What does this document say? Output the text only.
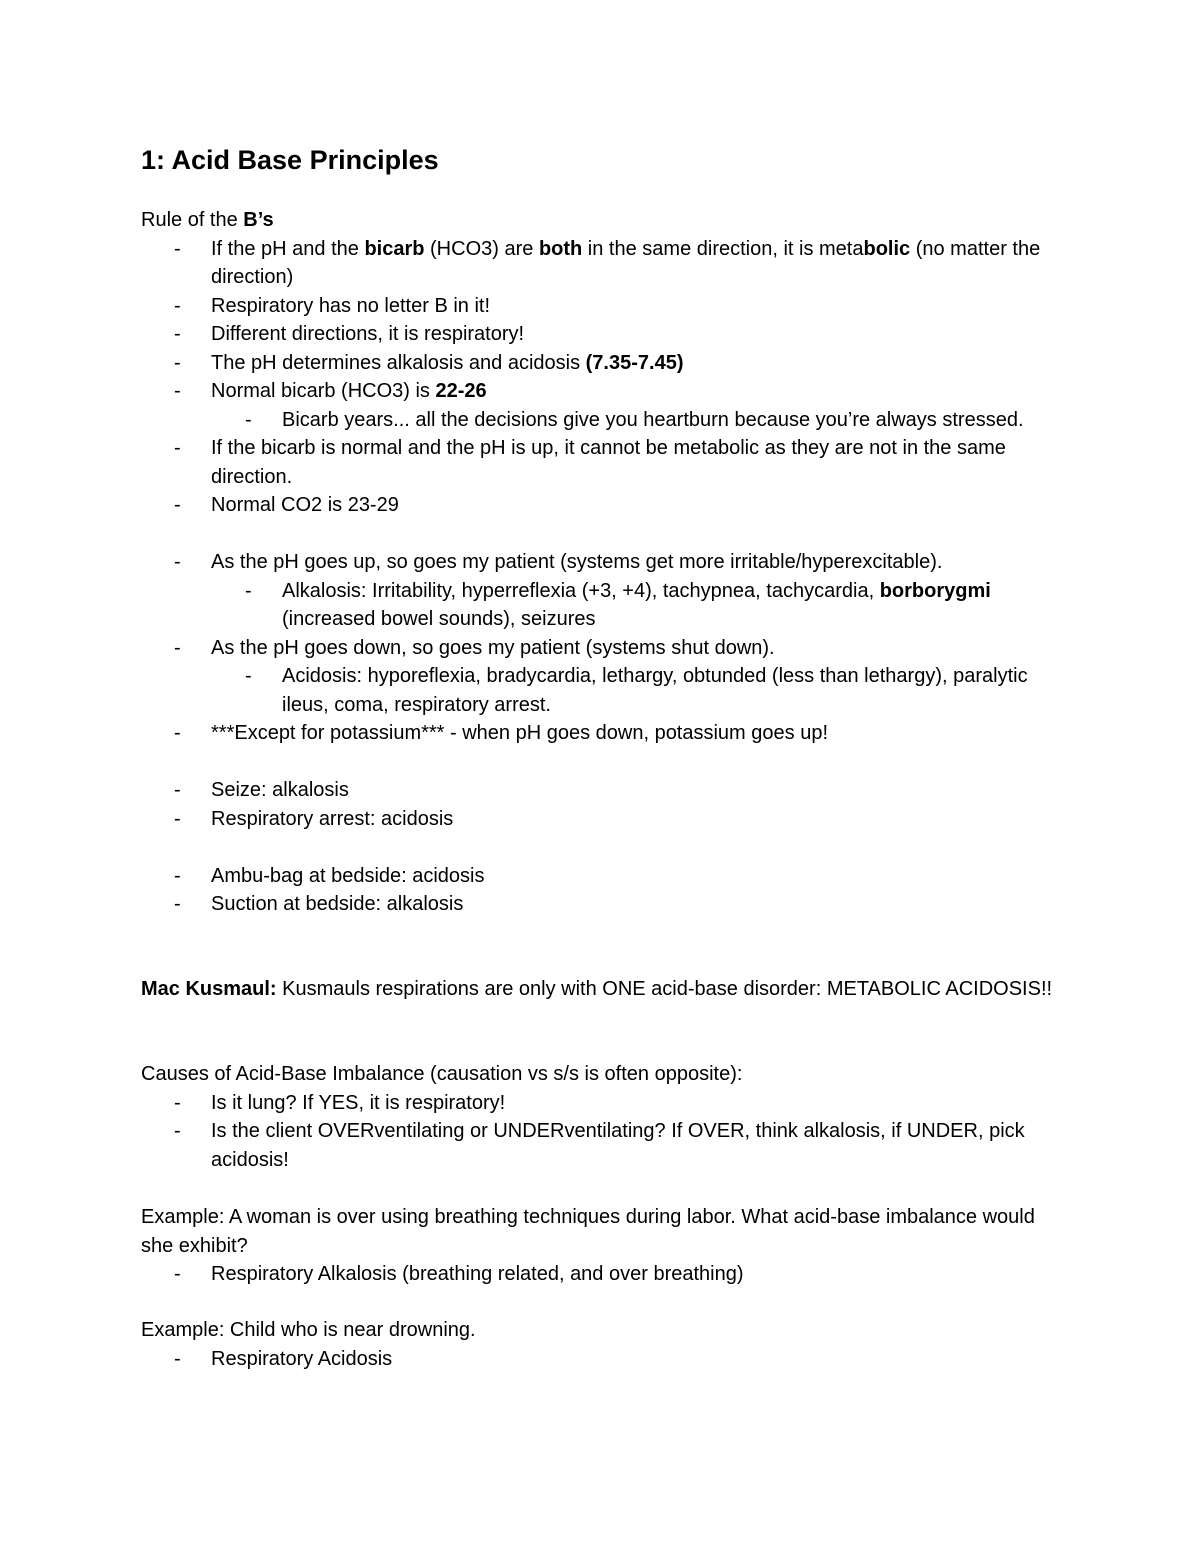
1: Acid Base Principles
Rule of the B’s
- If the pH and the bicarb (HCO3) are both in the same direction, it is metabolic (no matter the direction)
- Respiratory has no letter B in it!
- Different directions, it is respiratory!
- The pH determines alkalosis and acidosis (7.35-7.45)
- Normal bicarb (HCO3) is 22-26
- Bicarb years... all the decisions give you heartburn because you’re always stressed.
- If the bicarb is normal and the pH is up, it cannot be metabolic as they are not in the same direction.
- Normal CO2 is 23-29
- As the pH goes up, so goes my patient (systems get more irritable/hyperexcitable).
- Alkalosis: Irritability, hyperreflexia (+3, +4), tachypnea, tachycardia, borborygmi (increased bowel sounds), seizures
- As the pH goes down, so goes my patient (systems shut down).
- Acidosis: hyporeflexia, bradycardia, lethargy, obtunded (less than lethargy), paralytic ileus, coma, respiratory arrest.
- ***Except for potassium*** - when pH goes down, potassium goes up!
- Seize: alkalosis
- Respiratory arrest: acidosis
- Ambu-bag at bedside: acidosis
- Suction at bedside: alkalosis
Mac Kusmaul: Kusmauls respirations are only with ONE acid-base disorder: METABOLIC ACIDOSIS!!
Causes of Acid-Base Imbalance (causation vs s/s is often opposite):
- Is it lung? If YES, it is respiratory!
- Is the client OVERventilating or UNDERventilating? If OVER, think alkalosis, if UNDER, pick acidosis!
Example: A woman is over using breathing techniques during labor. What acid-base imbalance would she exhibit?
- Respiratory Alkalosis (breathing related, and over breathing)
Example: Child who is near drowning.
- Respiratory Acidosis
